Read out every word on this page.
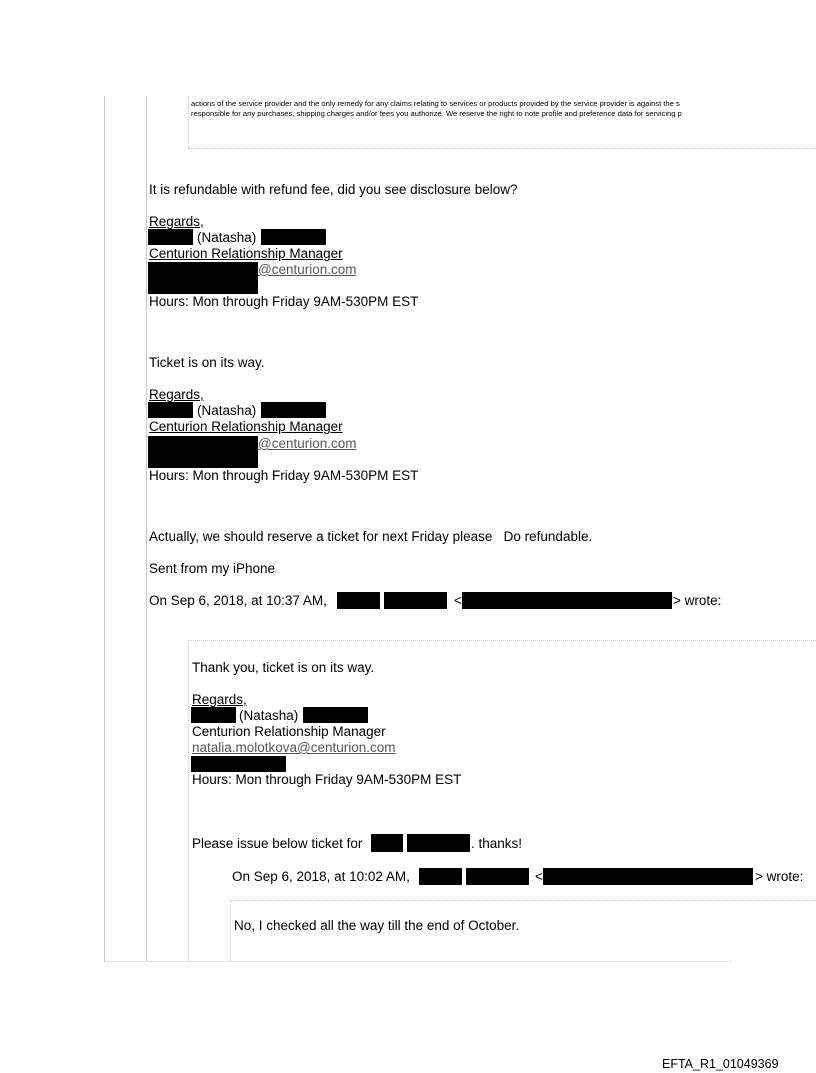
actions of the service provider and the only remedy for any claims relating to services or products provided by the service provider is against the s
responsible for any purchases, shipping charges and/or fees you authorize. We reserve the right to note profile and preference data for servicing p
It is refundable with refund fee, did you see disclosure below?
Regards,
(Natasha)
Centurion Relationship Manager
@centurion.com
Hours: Mon through Friday 9AM-530PM EST
Ticket is on its way.
Regards,
(Natasha)
Centurion Relationship Manager
@centurion.com
Hours: Mon through Friday 9AM-530PM EST
Actually, we should reserve a ticket for next Friday please   Do refundable.
Sent from my iPhone
On Sep 6, 2018, at 10:37 AM,	<	> wrote:
Thank you, ticket is on its way.
Regards,
(Natasha)
Centurion Relationship Manager
natalia.molotkova@centurion.com
Hours: Mon through Friday 9AM-530PM EST
Please issue below ticket for	. thanks!
On Sep 6, 2018, at 10:02 AM,	<	> wrote:
No, I checked all the way till the end of October.
EFTA_R1_01049369
